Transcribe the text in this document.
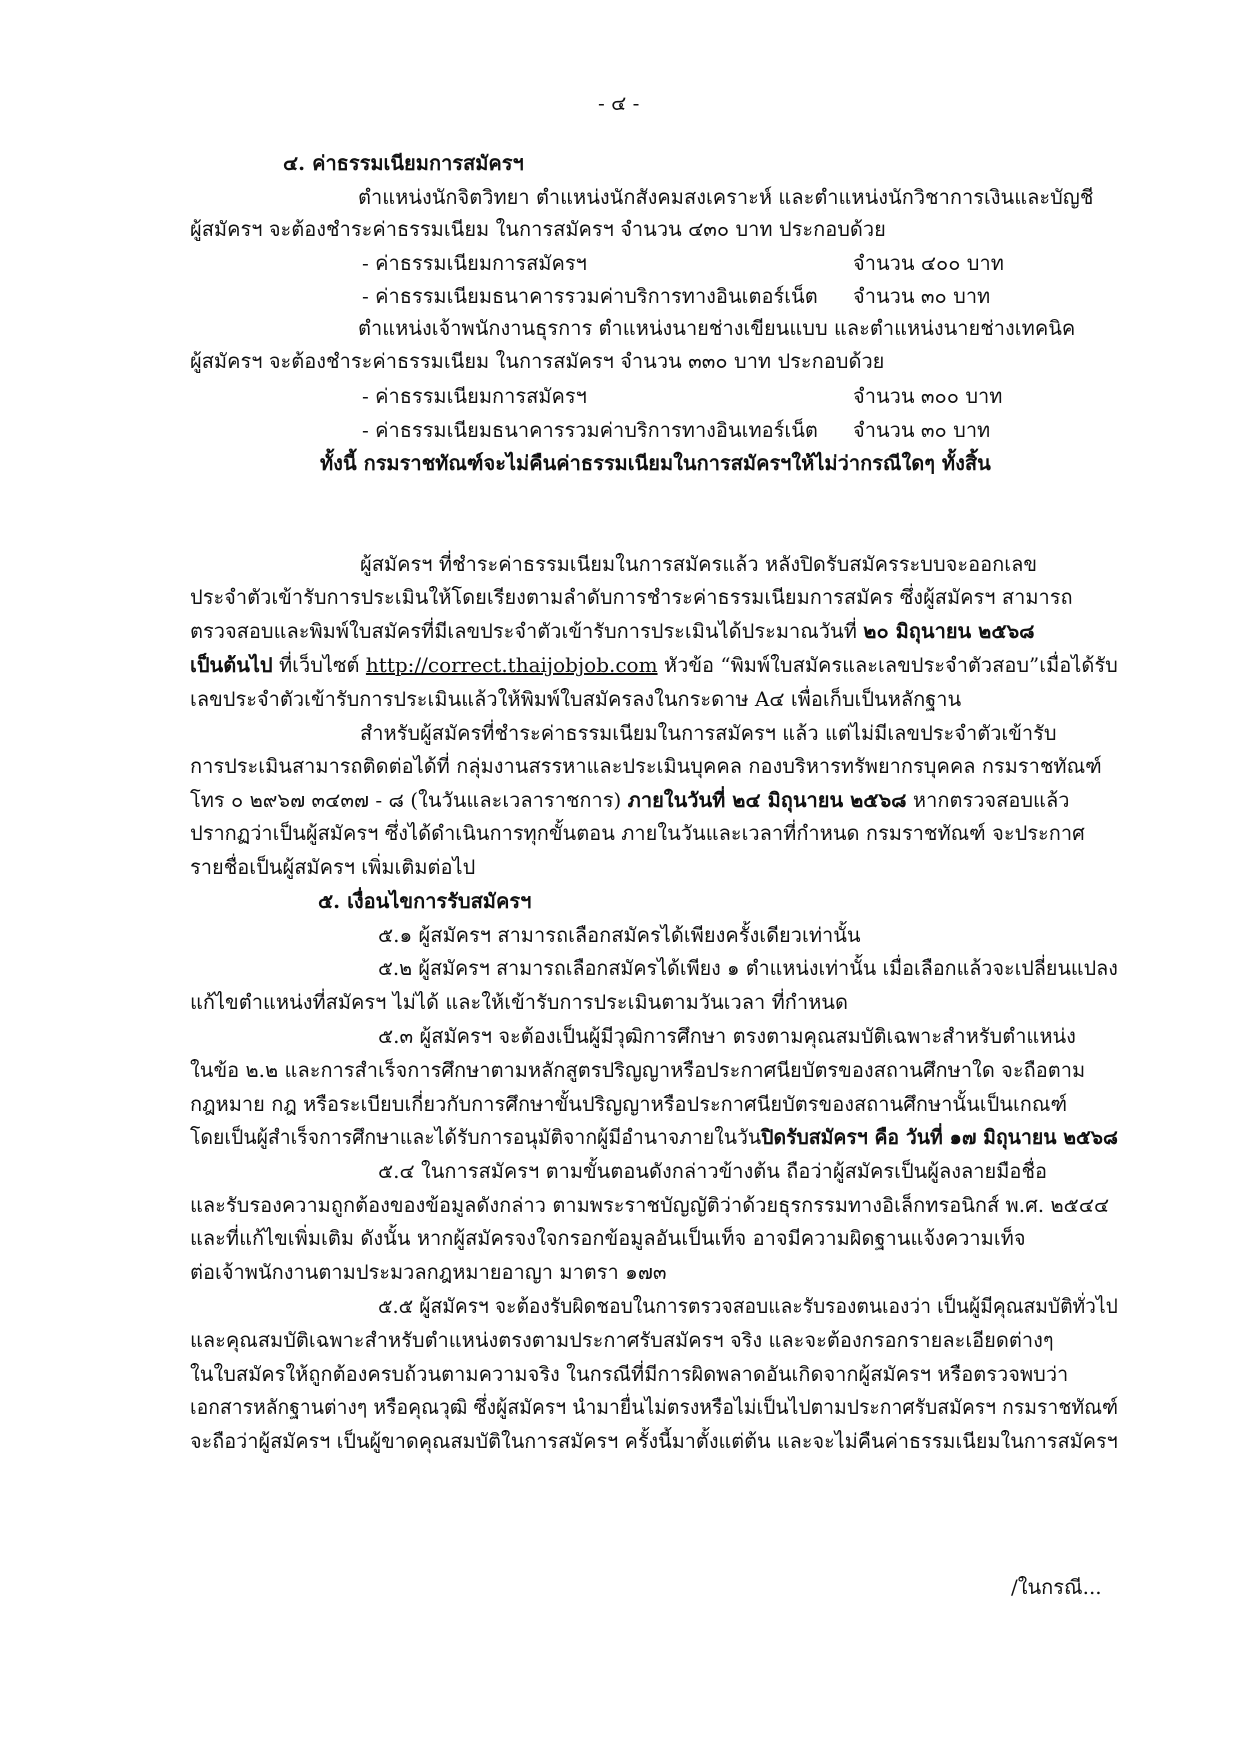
- ๔ -
๔. ค่าธรรมเนียมการสมัครฯ
ตำแหน่งนักจิตวิทยา ตำแหน่งนักสังคมสงเคราะห์ และตำแหน่งนักวิชาการเงินและบัญชี
ผู้สมัครฯ จะต้องชำระค่าธรรมเนียม ในการสมัครฯ จำนวน ๔๓๐ บาท ประกอบด้วย
- ค่าธรรมเนียมการสมัครฯ	จำนวน ๔๐๐ บาท
- ค่าธรรมเนียมธนาคารรวมค่าบริการทางอินเตอร์เน็ต จำนวน ๓๐ บาท
ตำแหน่งเจ้าพนักงานธุรการ ตำแหน่งนายช่างเขียนแบบ และตำแหน่งนายช่างเทคนิค
ผู้สมัครฯ จะต้องชำระค่าธรรมเนียม ในการสมัครฯ จำนวน ๓๓๐ บาท ประกอบด้วย
- ค่าธรรมเนียมการสมัครฯ	จำนวน ๓๐๐ บาท
- ค่าธรรมเนียมธนาคารรวมค่าบริการทางอินเทอร์เน็ต จำนวน ๓๐ บาท
ทั้งนี้ กรมราชทัณฑ์จะไม่คืนค่าธรรมเนียมในการสมัครฯให้ไม่ว่ากรณีใดๆ ทั้งสิ้น
ผู้สมัครฯ ที่ชำระค่าธรรมเนียมในการสมัครแล้ว หลังปิดรับสมัครระบบจะออกเลข
ประจำตัวเข้ารับการประเมินให้โดยเรียงตามลำดับการชำระค่าธรรมเนียมการสมัคร ซึ่งผู้สมัครฯ สามารถ
ตรวจสอบและพิมพ์ใบสมัครที่มีเลขประจำตัวเข้ารับการประเมินได้ประมาณวันที่ ๒๐ มิถุนายน ๒๕๖๘
เป็นต้นไป ที่เว็บไซต์ http://correct.thaijobjob.com หัวข้อ “พิมพ์ใบสมัครและเลขประจำตัวสอบ”เมื่อได้รับ
เลขประจำตัวเข้ารับการประเมินแล้วให้พิมพ์ใบสมัครลงในกระดาษ A๔ เพื่อเก็บเป็นหลักฐาน
สำหรับผู้สมัครที่ชำระค่าธรรมเนียมในการสมัครฯ แล้ว แต่ไม่มีเลขประจำตัวเข้ารับ
การประเมินสามารถติดต่อได้ที่ กลุ่มงานสรรหาและประเมินบุคคล กองบริหารทรัพยากรบุคคล กรมราชทัณฑ์
โทร ๐ ๒๙๖๗ ๓๔๓๗ - ๘ (ในวันและเวลาราชการ) ภายในวันที่ ๒๔ มิถุนายน ๒๕๖๘ หากตรวจสอบแล้ว
ปรากฏว่าเป็นผู้สมัครฯ ซึ่งได้ดำเนินการทุกขั้นตอน ภายในวันและเวลาที่กำหนด กรมราชทัณฑ์ จะประกาศ
รายชื่อเป็นผู้สมัครฯ เพิ่มเติมต่อไป
๕. เงื่อนไขการรับสมัครฯ
๕.๑ ผู้สมัครฯ สามารถเลือกสมัครได้เพียงครั้งเดียวเท่านั้น
๕.๒ ผู้สมัครฯ สามารถเลือกสมัครได้เพียง ๑ ตำแหน่งเท่านั้น เมื่อเลือกแล้วจะเปลี่ยนแปลง
แก้ไขตำแหน่งที่สมัครฯ ไม่ได้ และให้เข้ารับการประเมินตามวันเวลา ที่กำหนด
๕.๓ ผู้สมัครฯ จะต้องเป็นผู้มีวุฒิการศึกษา ตรงตามคุณสมบัติเฉพาะสำหรับตำแหน่ง
ในข้อ ๒.๒ และการสำเร็จการศึกษาตามหลักสูตรปริญญาหรือประกาศนียบัตรของสถานศึกษาใด จะถือตาม
กฎหมาย กฎ หรือระเบียบเกี่ยวกับการศึกษาขั้นปริญญาหรือประกาศนียบัตรของสถานศึกษานั้นเป็นเกณฑ์
โดยเป็นผู้สำเร็จการศึกษาและได้รับการอนุมัติจากผู้มีอำนาจภายในวันปิดรับสมัครฯ คือ วันที่ ๑๗ มิถุนายน ๒๕๖๘
๕.๔ ในการสมัครฯ ตามขั้นตอนดังกล่าวข้างต้น ถือว่าผู้สมัครเป็นผู้ลงลายมือชื่อ
และรับรองความถูกต้องของข้อมูลดังกล่าว ตามพระราชบัญญัติว่าด้วยธุรกรรมทางอิเล็กทรอนิกส์ พ.ศ. ๒๕๔๔
และที่แก้ไขเพิ่มเติม ดังนั้น หากผู้สมัครจงใจกรอกข้อมูลอันเป็นเท็จ อาจมีความผิดฐานแจ้งความเท็จ
ต่อเจ้าพนักงานตามประมวลกฎหมายอาญา มาตรา ๑๗๓
๕.๕ ผู้สมัครฯ จะต้องรับผิดชอบในการตรวจสอบและรับรองตนเองว่า เป็นผู้มีคุณสมบัติทั่วไป
และคุณสมบัติเฉพาะสำหรับตำแหน่งตรงตามประกาศรับสมัครฯ จริง และจะต้องกรอกรายละเอียดต่างๆ
ในใบสมัครให้ถูกต้องครบถ้วนตามความจริง ในกรณีที่มีการผิดพลาดอันเกิดจากผู้สมัครฯ หรือตรวจพบว่า
เอกสารหลักฐานต่างๆ หรือคุณวุฒิ ซึ่งผู้สมัครฯ นำมายื่นไม่ตรงหรือไม่เป็นไปตามประกาศรับสมัครฯ กรมราชทัณฑ์
จะถือว่าผู้สมัครฯ เป็นผู้ขาดคุณสมบัติในการสมัครฯ ครั้งนี้มาตั้งแต่ต้น และจะไม่คืนค่าธรรมเนียมในการสมัครฯ
/ในกรณี...
